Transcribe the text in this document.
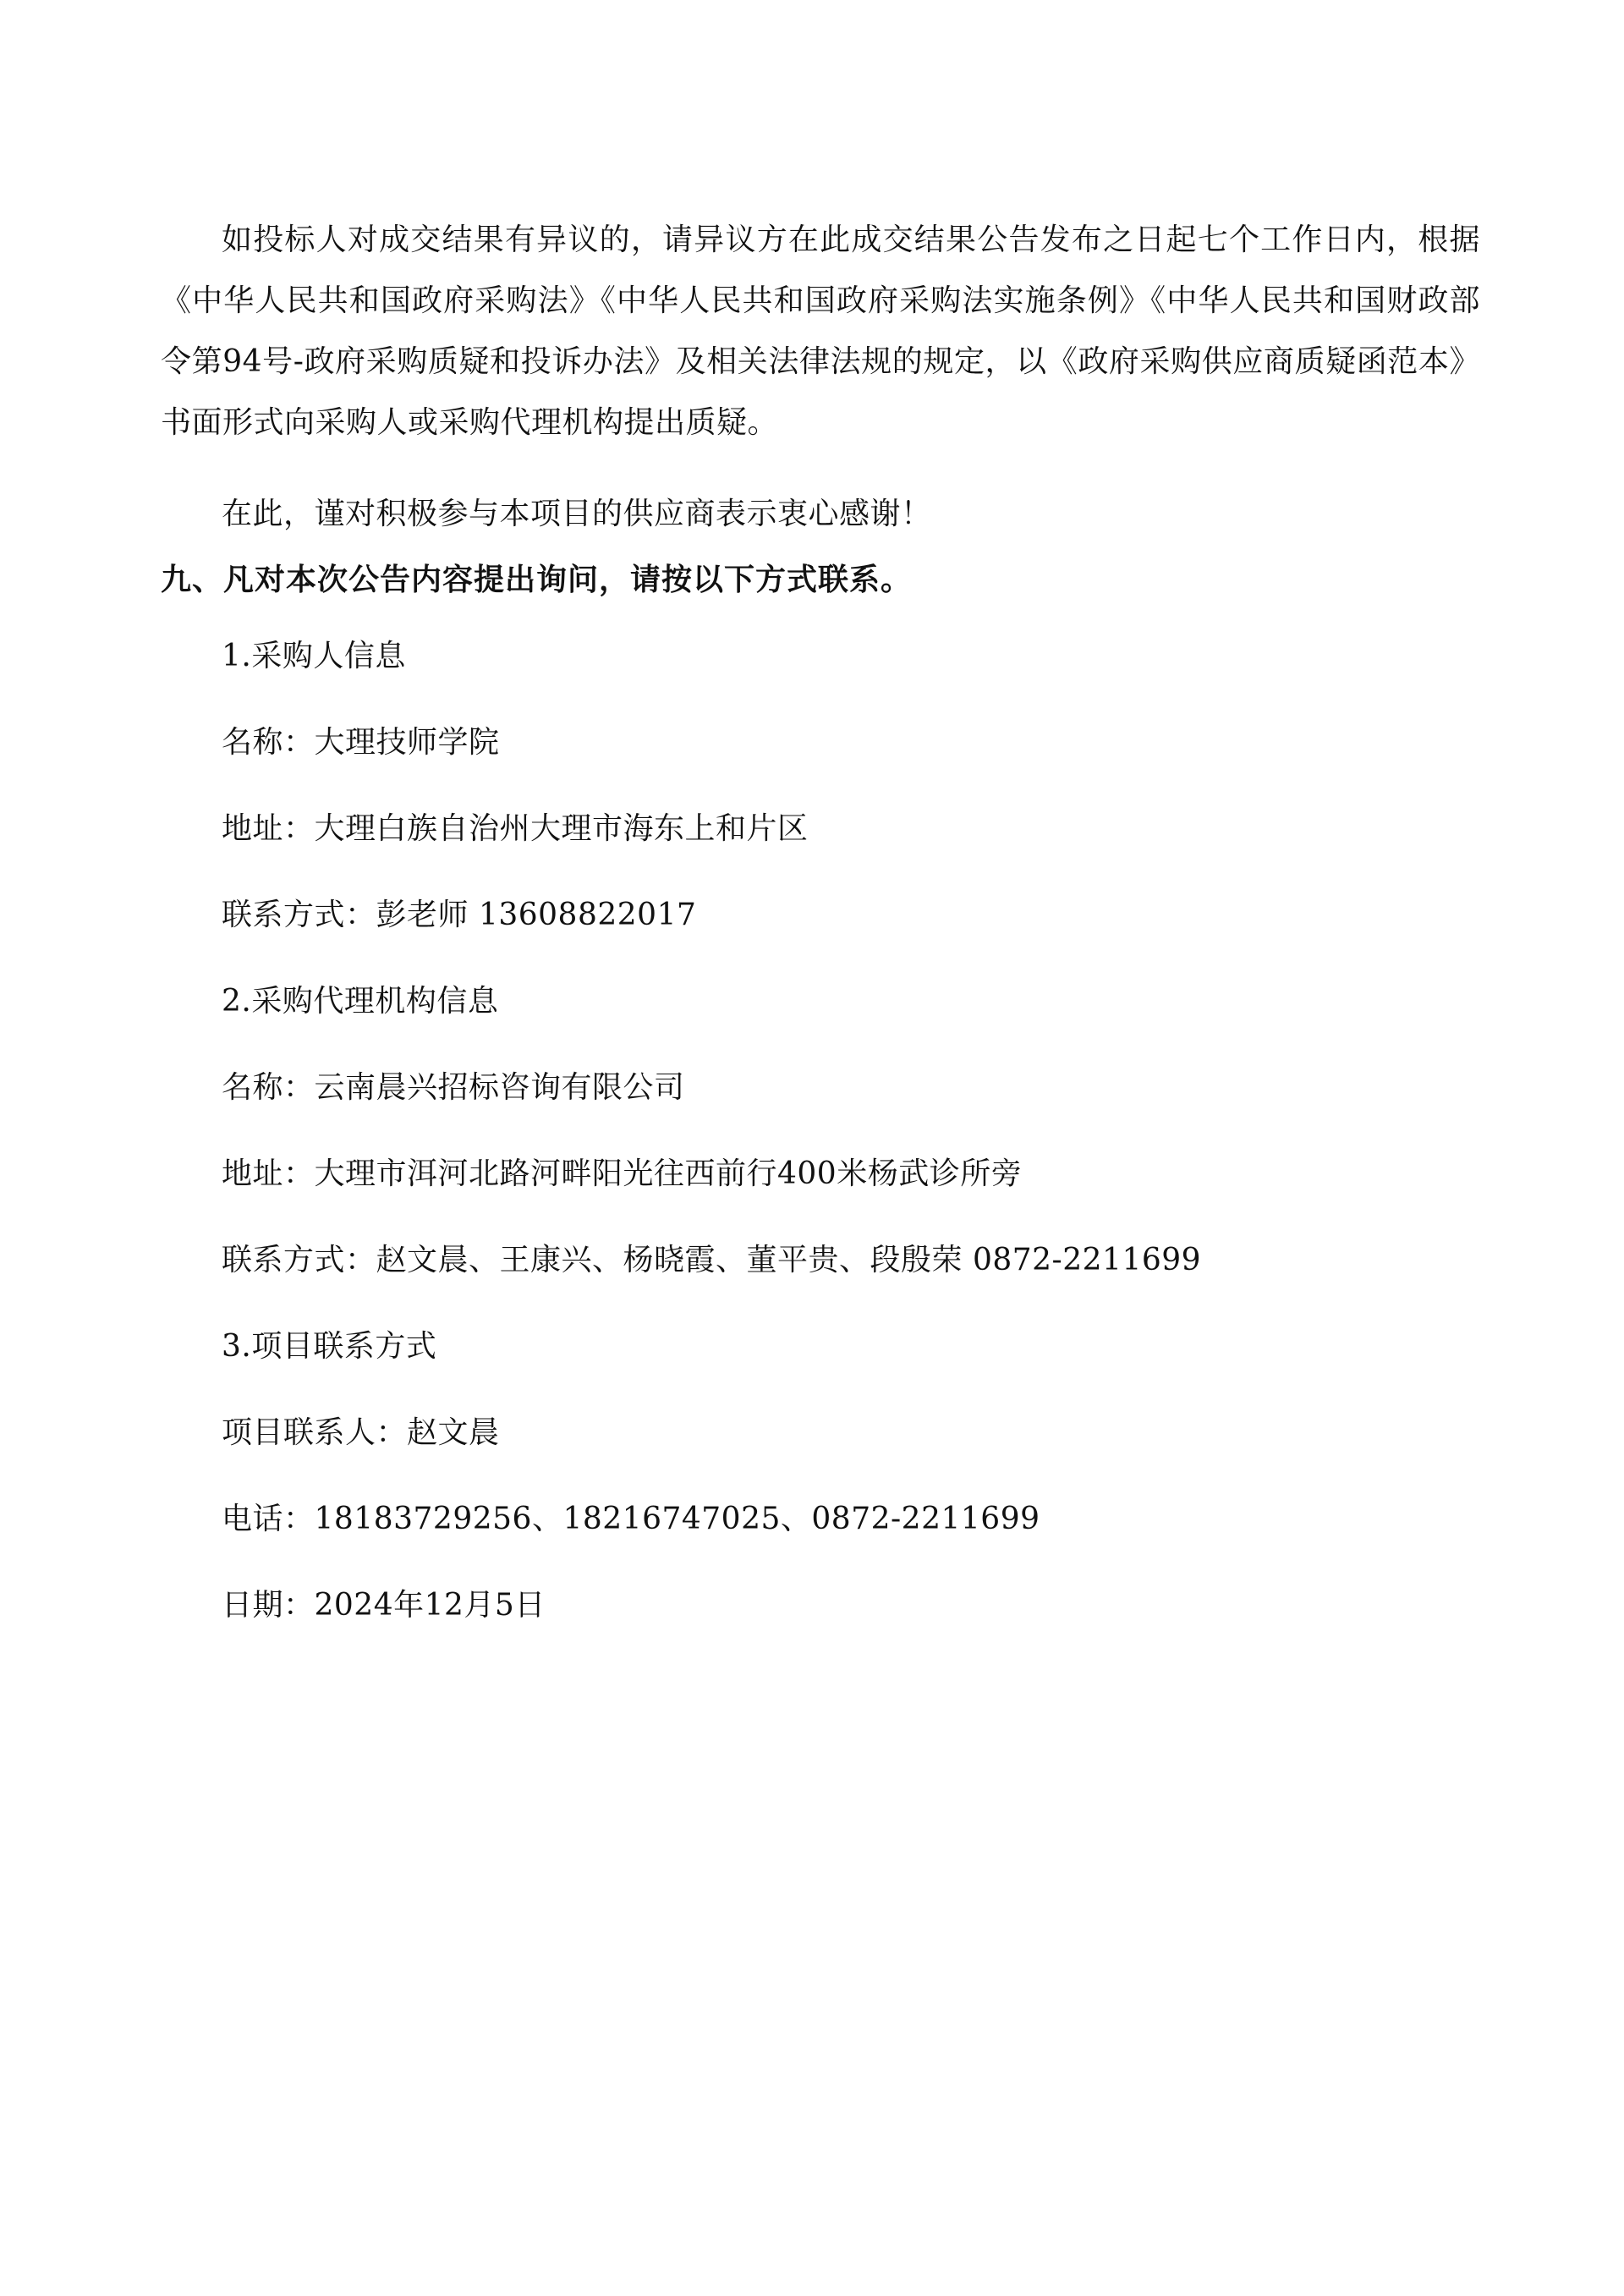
如投标人对成交结果有异议的，请异议方在此成交结果公告发布之日起七个工作日内，根据《中华人民共和国政府采购法》《中华人民共和国政府采购法实施条例》《中华人民共和国财政部令第94号-政府采购质疑和投诉办法》及相关法律法规的规定，以《政府采购供应商质疑函范本》书面形式向采购人或采购代理机构提出质疑。

在此，谨对积极参与本项目的供应商表示衷心感谢！

九、凡对本次公告内容提出询问，请按以下方式联系。

1.采购人信息

名称：大理技师学院

地址：大理白族自治州大理市海东上和片区

联系方式：彭老师 13608822017

2.采购代理机构信息

名称：云南晨兴招标咨询有限公司

地址：大理市洱河北路河畔阳光往西前行400米杨武诊所旁

联系方式：赵文晨、王康兴、杨晓霞、董平贵、段殷荣 0872-2211699

3.项目联系方式

项目联系人：赵文晨

电话：18183729256、18216747025、0872-2211699

日期：2024年12月5日
